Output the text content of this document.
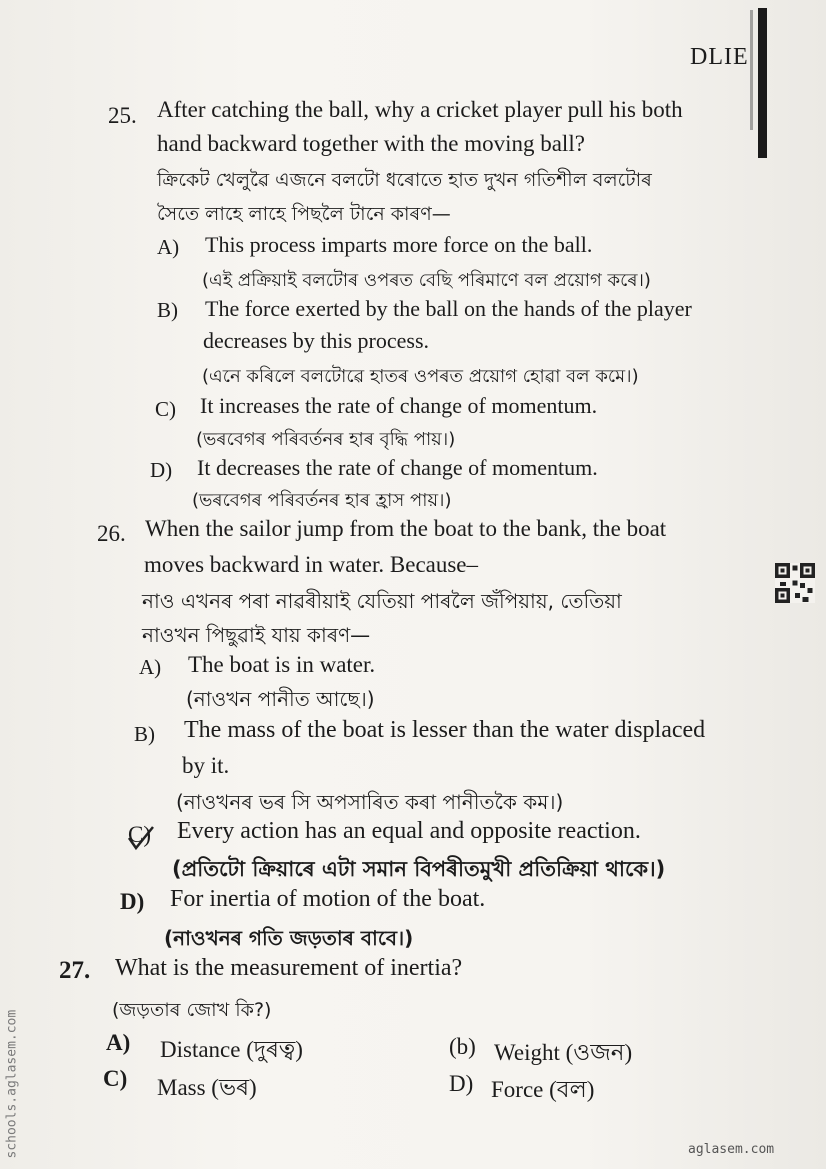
DLIE
25. After catching the ball, why a cricket player pull his both
hand backward together with the moving ball?
ক্ৰিকেট খেলুৱৈ এজনে বলটো ধৰোতে হাত দুখন গতিশীল বলটোৰ
সৈতে লাহে লাহে পিছলৈ টানে কাৰণ—
A) This process imparts more force on the ball.
(এই প্ৰক্ৰিয়াই বলটোৰ ওপৰত বেছি পৰিমাণে বল প্ৰয়োগ কৰে।)
B) The force exerted by the ball on the hands of the player
decreases by this process.
(এনে কৰিলে বলটোৱে হাতৰ ওপৰত প্ৰয়োগ হোৱা বল কমে।)
C) It increases the rate of change of momentum.
(ভৰবেগৰ পৰিবৰ্তনৰ হাৰ বৃদ্ধি পায়।)
D) It decreases the rate of change of momentum.
(ভৰবেগৰ পৰিবৰ্তনৰ হাৰ হ্ৰাস পায়।)
26. When the sailor jump from the boat to the bank, the boat
moves backward in water. Because–
নাও এখনৰ পৰা নাৱৰীয়াই যেতিয়া পাৰলৈ জঁপিয়ায়, তেতিয়া
নাওখন পিছুৱাই যায় কাৰণ—
A) The boat is in water.
(নাওখন পানীত আছে।)
B) The mass of the boat is lesser than the water displaced
by it.
(নাওখনৰ ভৰ সি অপসাৰিত কৰা পানীতকৈ কম।)
C) Every action has an equal and opposite reaction.
(প্ৰতিটো ক্ৰিয়াৰে এটা সমান বিপৰীতমুখী প্ৰতিক্ৰিয়া থাকে।)
D) For inertia of motion of the boat.
(নাওখনৰ গতি জড়তাৰ বাবে।)
27. What is the measurement of inertia?
(জড়তাৰ জোখ কি?)
A) Distance (দুৰত্ব)	(b) Weight (ওজন)
C) Mass (ভৰ)	D) Force (বল)
schools.aglasem.com	aglasem.com
